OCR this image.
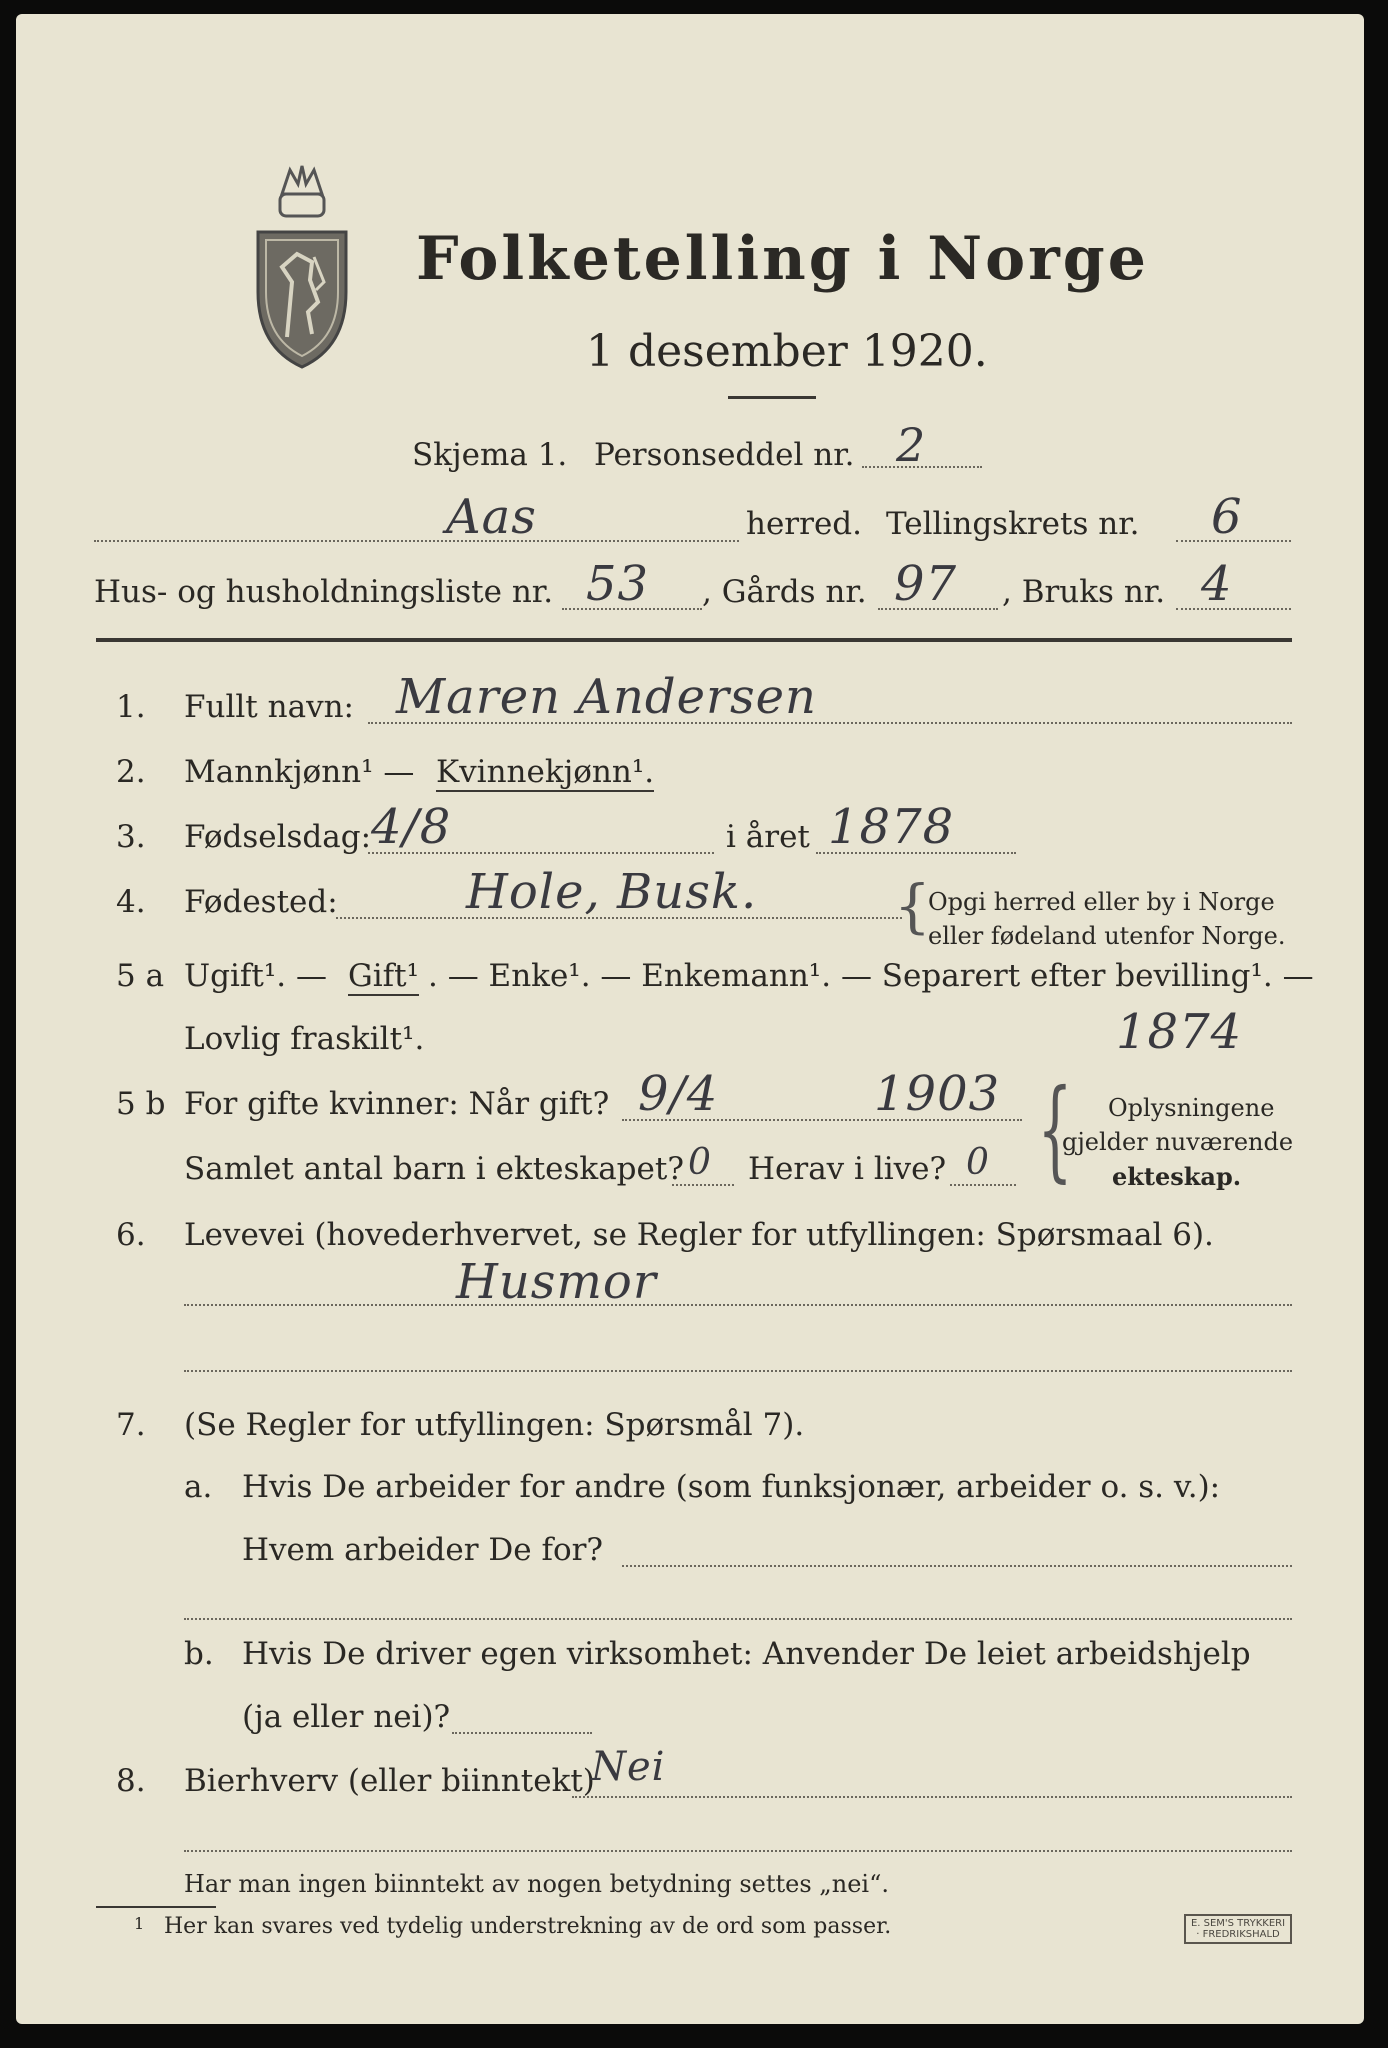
Folketelling i Norge
1 desember 1920.
Skjema 1. Personseddel nr. 2
Aas	herred. Tellingskrets nr. 6
Hus- og husholdningsliste nr. 53 , Gårds nr. 97 , Bruks nr. 4
1. Fullt navn: Maren Andersen
2. Mannkjønn¹ — Kvinnekjønn¹.
3. Fødselsdag: 4/8	i året 1878
4. Fødested:	Hole, Busk. {
Opgi herred eller by i Norge
eller fødeland utenfor Norge.
5 a Ugift¹. — Gift¹ . — Enke¹. — Enkemann¹. — Separert efter bevilling¹. —
Lovlig fraskilt¹.	1874
5 b For gifte kvinner: Når gift? 9/4	1903
Samlet antal barn i ekteskapet? 0 Herav i live? 0 { Oplysningene
gjelder nuværende
ekteskap.
6. Levevei (hovederhvervet, se Regler for utfyllingen: Spørsmaal 6).
Husmor
7. (Se Regler for utfyllingen: Spørsmål 7).
a. Hvis De arbeider for andre (som funksjonær, arbeider o. s. v.):
Hvem arbeider De for?
b. Hvis De driver egen virksomhet: Anvender De leiet arbeidshjelp
(ja eller nei)?
8. Bierhverv (eller biinntekt)
Nei
Har man ingen biinntekt av nogen betydning settes „nei“.
1 Her kan svares ved tydelig understrekning av de ord som passer.	E. SEM'S TRYKKERI · FREDRIKSHALD
